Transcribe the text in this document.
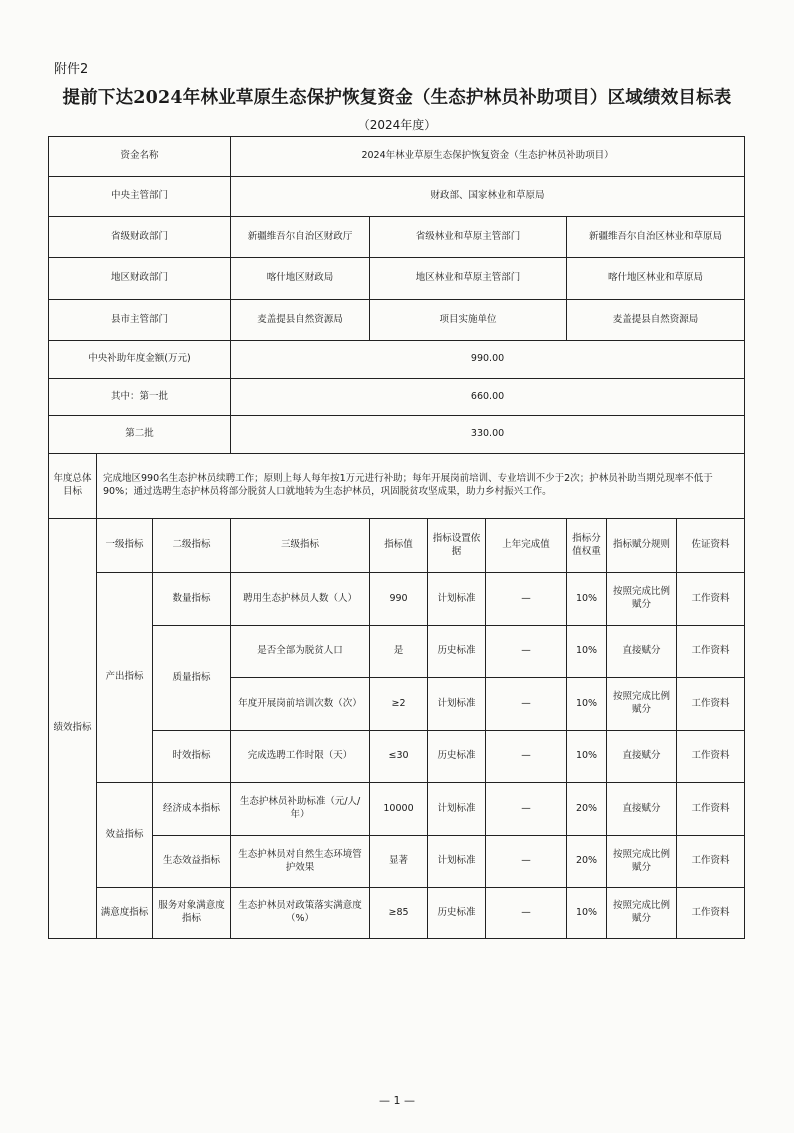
附件2
提前下达2024年林业草原生态保护恢复资金（生态护林员补助项目）区域绩效目标表
（2024年度）
资金名称			2024年林业草原生态保护恢复资金（生态护林员补助项目）						
中央主管部门			财政部、国家林业和草原局						
省级财政部门			新疆维吾尔自治区财政厅	省级林业和草原主管部门			新疆维吾尔自治区林业和草原局		
地区财政部门			喀什地区财政局	地区林业和草原主管部门			喀什地区林业和草原局		
县市主管部门			麦盖提县自然资源局	项目实施单位			麦盖提县自然资源局		
中央补助年度金额(万元)			990.00						
其中：第一批			660.00						
第二批			330.00						
年度总体目标	完成地区990名生态护林员续聘工作；原则上每人每年按1万元进行补助；每年开展岗前培训、专业培训不少于2次；护林员补助当期兑现率不低于90%；通过选聘生态护林员将部分脱贫人口就地转为生态护林员，巩固脱贫攻坚成果，助力乡村振兴工作。								
绩效指标	一级指标	二级指标	三级指标	指标值	指标设置依据	上年完成值	指标分值权重	指标赋分规则	佐证资料
	产出指标	数量指标	聘用生态护林员人数（人）	990	计划标准	—	10%	按照完成比例赋分	工作资料
		质量指标	是否全部为脱贫人口	是	历史标准	—	10%	直接赋分	工作资料
			年度开展岗前培训次数（次）	≥2	计划标准	—	10%	按照完成比例赋分	工作资料
		时效指标	完成选聘工作时限（天）	≤30	历史标准	—	10%	直接赋分	工作资料
	效益指标	经济成本指标	生态护林员补助标准（元/人/年）	10000	计划标准	—	20%	直接赋分	工作资料
		生态效益指标	生态护林员对自然生态环境管护效果	显著	计划标准	—	20%	按照完成比例赋分	工作资料
	满意度指标	服务对象满意度指标	生态护林员对政策落实满意度（%）	≥85	历史标准	—	10%	按照完成比例赋分	工作资料
— 1 —
